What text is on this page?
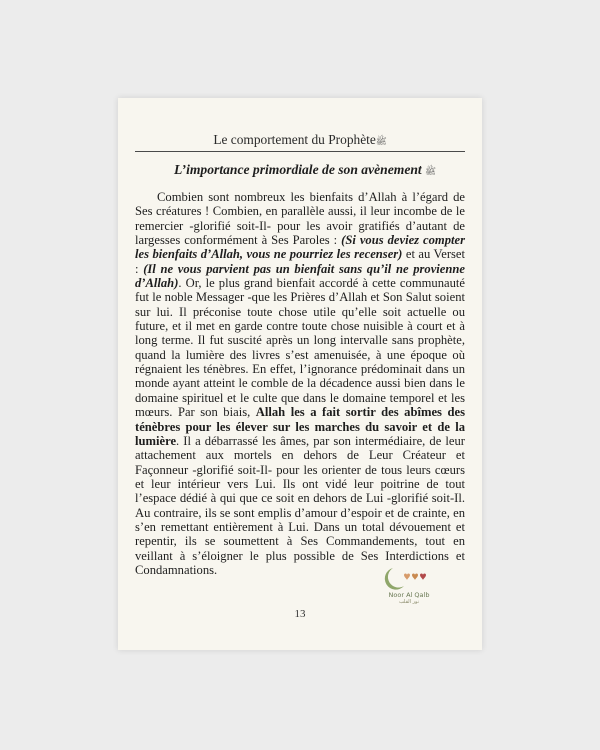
Le comportement du Prophèteﷺ
L’importance primordiale de son avènement ﷺ

Combien sont nombreux les bienfaits d’Allah à l’égard de Ses créatures ! Combien, en parallèle aussi, il leur incombe de le remercier -glorifié soit-Il- pour les avoir gratifiés d’autant de largesses conformément à Ses Paroles : (Si vous deviez compter les bienfaits d’Allah, vous ne pourriez les recenser) et au Verset : (Il ne vous parvient pas un bienfait sans qu’il ne provienne d’Allah). Or, le plus grand bienfait accordé à cette communauté fut le noble Messager -que les Prières d’Allah et Son Salut soient sur lui. Il préconise toute chose utile qu’elle soit actuelle ou future, et il met en garde contre toute chose nuisible à court et à long terme. Il fut suscité après un long intervalle sans prophète, quand la lumière des livres s’est amenuisée, à une époque où régnaient les ténèbres. En effet, l’ignorance prédominait dans un monde ayant atteint le comble de la décadence aussi bien dans le domaine spirituel et le culte que dans le domaine temporel et les mœurs. Par son biais, Allah les a fait sortir des abîmes des ténèbres pour les élever sur les marches du savoir et de la lumière. Il a débarrassé les âmes, par son intermédiaire, de leur attachement aux mortels en dehors de Leur Créateur et Façonneur -glorifié soit-Il- pour les orienter de tous leurs cœurs et leur intérieur vers Lui. Ils ont vidé leur poitrine de tout l’espace dédié à qui que ce soit en dehors de Lui -glorifié soit-Il. Au contraire, ils se sont emplis d’amour d’espoir et de crainte, en s’en remettant entièrement à Lui. Dans un total dévouement et repentir, ils se soumettent à Ses Commandements, tout en veillant à s’éloigner le plus possible de Ses Interdictions et Condamnations.

Noor Al Qalb
نور القلب
13
